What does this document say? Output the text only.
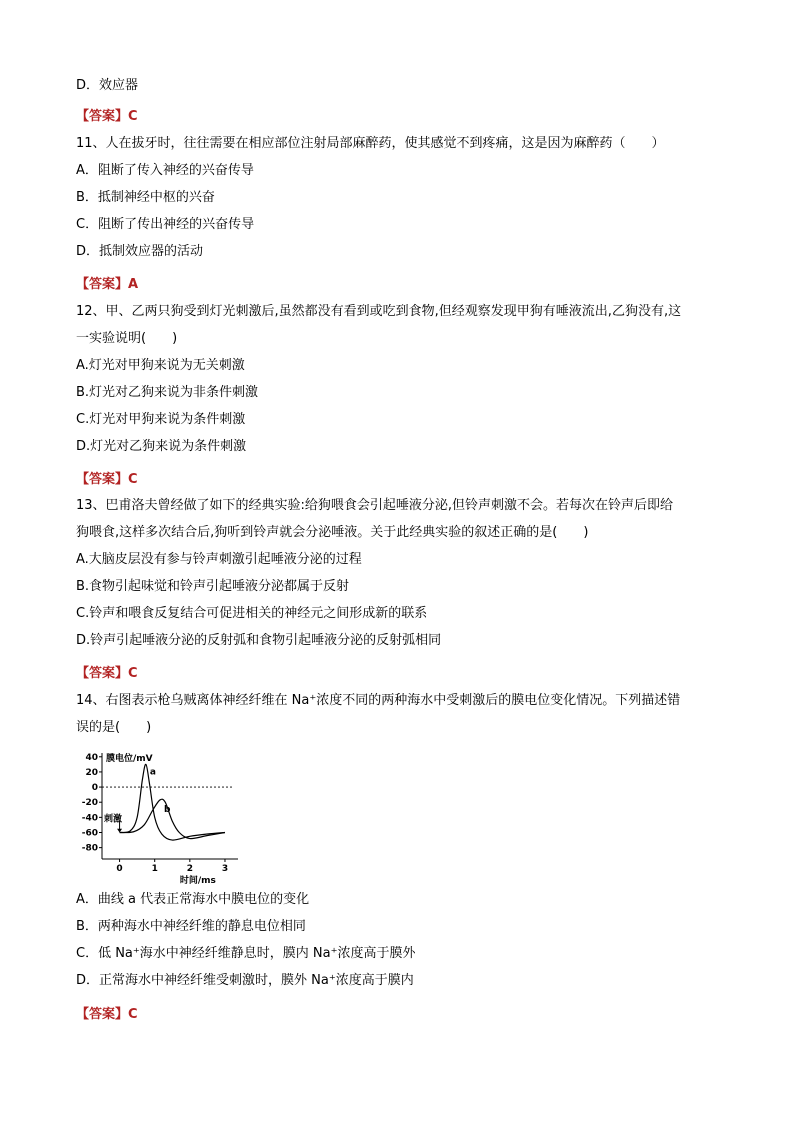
D．效应器
【答案】C
11、人在拔牙时，往往需要在相应部位注射局部麻醉药，使其感觉不到疼痛，这是因为麻醉药（　　）
A．阻断了传入神经的兴奋传导
B．抵制神经中枢的兴奋
C．阻断了传出神经的兴奋传导
D．抵制效应器的活动
【答案】A
12、甲、乙两只狗受到灯光刺激后,虽然都没有看到或吃到食物,但经观察发现甲狗有唾液流出,乙狗没有,这
一实验说明(　　)
A.灯光对甲狗来说为无关刺激
B.灯光对乙狗来说为非条件刺激
C.灯光对甲狗来说为条件刺激
D.灯光对乙狗来说为条件刺激
【答案】C
13、巴甫洛夫曾经做了如下的经典实验:给狗喂食会引起唾液分泌,但铃声刺激不会。若每次在铃声后即给
狗喂食,这样多次结合后,狗听到铃声就会分泌唾液。关于此经典实验的叙述正确的是(　　)
A.大脑皮层没有参与铃声刺激引起唾液分泌的过程
B.食物引起味觉和铃声引起唾液分泌都属于反射
C.铃声和喂食反复结合可促进相关的神经元之间形成新的联系
D.铃声引起唾液分泌的反射弧和食物引起唾液分泌的反射弧相同
【答案】C
14、右图表示枪乌贼离体神经纤维在 Na⁺浓度不同的两种海水中受刺激后的膜电位变化情况。下列描述错
误的是(　　)
40
20
0
-20
-40
-60
-80
0	1	2	3
膜电位/mV
时间/ms
刺激
a
b
A．曲线 a 代表正常海水中膜电位的变化
B．两种海水中神经纤维的静息电位相同
C．低 Na⁺海水中神经纤维静息时，膜内 Na⁺浓度高于膜外
D．正常海水中神经纤维受刺激时，膜外 Na⁺浓度高于膜内
【答案】C
